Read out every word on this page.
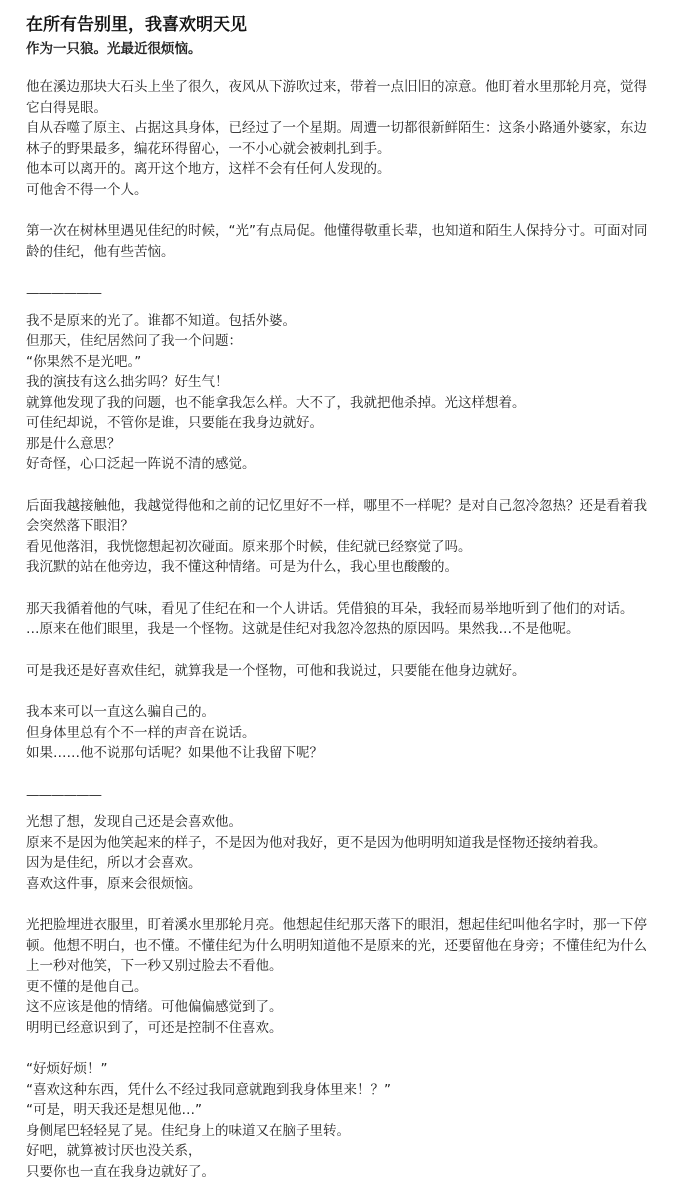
在所有告别里，我喜欢明天见
作为一只狼。光最近很烦恼。
他在溪边那块大石头上坐了很久，夜风从下游吹过来，带着一点旧旧的凉意。他盯着水里那轮月亮，觉得它白得晃眼。
自从吞噬了原主、占据这具身体，已经过了一个星期。周遭一切都很新鲜陌生：这条小路通外婆家，东边林子的野果最多，编花环得留心，一不小心就会被刺扎到手。
他本可以离开的。离开这个地方，这样不会有任何人发现的。
可他舍不得一个人。
第一次在树林里遇见佳纪的时候，“光”有点局促。他懂得敬重长辈，也知道和陌生人保持分寸。可面对同龄的佳纪，他有些苦恼。
——————
我不是原来的光了。谁都不知道。包括外婆。
但那天，佳纪居然问了我一个问题：
“你果然不是光吧。”
我的演技有这么拙劣吗？好生气！
就算他发现了我的问题，也不能拿我怎么样。大不了，我就把他杀掉。光这样想着。
可佳纪却说，不管你是谁，只要能在我身边就好。
那是什么意思？
好奇怪，心口泛起一阵说不清的感觉。
后面我越接触他，我越觉得他和之前的记忆里好不一样，哪里不一样呢？是对自己忽冷忽热？还是看着我会突然落下眼泪？
看见他落泪，我恍惚想起初次碰面。原来那个时候，佳纪就已经察觉了吗。
我沉默的站在他旁边，我不懂这种情绪。可是为什么，我心里也酸酸的。
那天我循着他的气味，看见了佳纪在和一个人讲话。凭借狼的耳朵，我轻而易举地听到了他们的对话。
…原来在他们眼里，我是一个怪物。这就是佳纪对我忽冷忽热的原因吗。果然我…不是他呢。
可是我还是好喜欢佳纪，就算我是一个怪物，可他和我说过，只要能在他身边就好。
我本来可以一直这么骗自己的。
但身体里总有个不一样的声音在说话。
如果……他不说那句话呢？如果他不让我留下呢？
——————
光想了想，发现自己还是会喜欢他。
原来不是因为他笑起来的样子，不是因为他对我好，更不是因为他明明知道我是怪物还接纳着我。
因为是佳纪，所以才会喜欢。
喜欢这件事，原来会很烦恼。
光把脸埋进衣服里，盯着溪水里那轮月亮。他想起佳纪那天落下的眼泪，想起佳纪叫他名字时，那一下停顿。他想不明白，也不懂。不懂佳纪为什么明明知道他不是原来的光，还要留他在身旁；不懂佳纪为什么上一秒对他笑，下一秒又别过脸去不看他。
更不懂的是他自己。
这不应该是他的情绪。可他偏偏感觉到了。
明明已经意识到了，可还是控制不住喜欢。
“好烦好烦！”
“喜欢这种东西，凭什么不经过我同意就跑到我身体里来！？”
“可是，明天我还是想见他…”
身侧尾巴轻轻晃了晃。佳纪身上的味道又在脑子里转。
好吧，就算被讨厌也没关系，
只要你也一直在我身边就好了。
